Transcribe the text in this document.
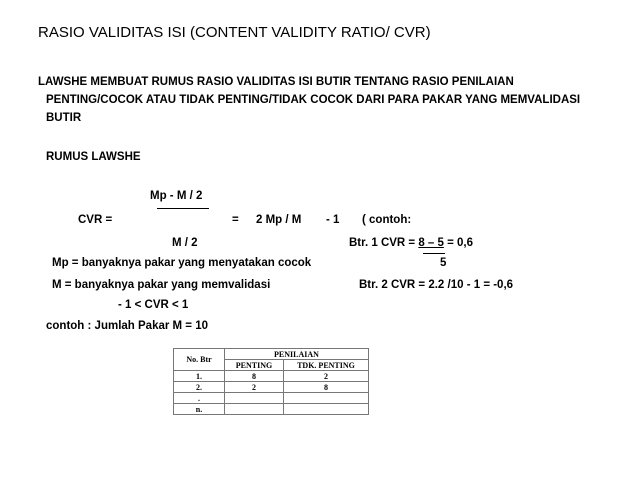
RASIO VALIDITAS ISI (CONTENT VALIDITY RATIO/ CVR)
LAWSHE MEMBUAT RUMUS RASIO VALIDITAS ISI BUTIR TENTANG RASIO PENILAIAN
PENTING/COCOK ATAU TIDAK PENTING/TIDAK COCOK DARI PARA PAKAR YANG MEMVALIDASI
BUTIR
RUMUS LAWSHE
Mp - M / 2
CVR =	= 2 Mp / M - 1 ( contoh:
M / 2	Btr. 1 CVR = 8 – 5 = 0,6
5
Mp = banyaknya pakar yang menyatakan cocok
M = banyaknya pakar yang memvalidasi	Btr. 2 CVR = 2.2 /10 - 1 = -0,6
- 1 < CVR < 1
contoh : Jumlah Pakar M = 10
No. Btr	PENILAIAN	
	PENTING	TDK. PENTING
1.	8	2
2.	2	8
.		
n.		
